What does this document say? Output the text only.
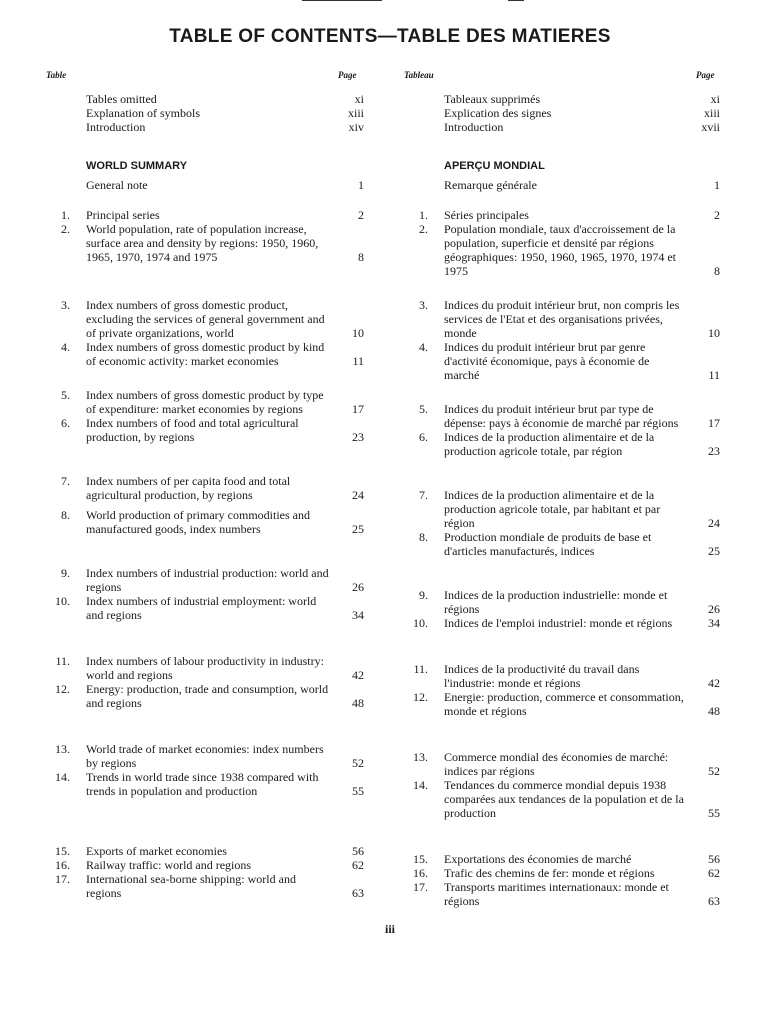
TABLE OF CONTENTS—TABLE DES MATIERES
Table	Page	Tableau	Page
Tables omitted	xi
Explanation of symbols	xiii
Introduction	xiv
WORLD SUMMARY
General note	1
1. Principal series	2
2. World population, rate of population increase, surface area and density by regions: 1950, 1960, 1965, 1970, 1974 and 1975	8
3. Index numbers of gross domestic product, excluding the services of general government and of private organizations, world	10
4. Index numbers of gross domestic product by kind of economic activity: market economies	11
5. Index numbers of gross domestic product by type of expenditure: market economies by regions	17
6. Index numbers of food and total agricultural production, by regions	23
7. Index numbers of per capita food and total agricultural production, by regions	24
8. World production of primary commodities and manufactured goods, index numbers	25
9. Index numbers of industrial production: world and regions	26
10. Index numbers of industrial employment: world and regions	34
11. Index numbers of labour productivity in industry: world and regions	42
12. Energy: production, trade and consumption, world and regions	48
13. World trade of market economies: index numbers by regions	52
14. Trends in world trade since 1938 compared with trends in population and production	55
15. Exports of market economies	56
16. Railway traffic: world and regions	62
17. International sea-borne shipping: world and regions	63
Tableaux supprimés	xi
Explication des signes	xiii
Introduction	xvii
APERÇU MONDIAL
Remarque générale	1
1. Séries principales	2
2. Population mondiale, taux d'accroissement de la population, superficie et densité par régions géographiques: 1950, 1960, 1965, 1970, 1974 et 1975	8
3. Indices du produit intérieur brut, non compris les services de l'Etat et des organisations privées, monde	10
4. Indices du produit intérieur brut par genre d'activité économique, pays à économie de marché	11
5. Indices du produit intérieur brut par type de dépense: pays à économie de marché par régions	17
6. Indices de la production alimentaire et de la production agricole totale, par région	23
7. Indices de la production alimentaire et de la production agricole totale, par habitant et par région	24
8. Production mondiale de produits de base et d'articles manufacturés, indices	25
9. Indices de la production industrielle: monde et régions	26
10. Indices de l'emploi industriel: monde et régions	34
11. Indices de la productivité du travail dans l'industrie: monde et régions	42
12. Energie: production, commerce et consommation, monde et régions	48
13. Commerce mondial des économies de marché: indices par régions	52
14. Tendances du commerce mondial depuis 1938 comparées aux tendances de la population et de la production	55
15. Exportations des économies de marché	56
16. Trafic des chemins de fer: monde et régions	62
17. Transports maritimes internationaux: monde et régions	63
iii
